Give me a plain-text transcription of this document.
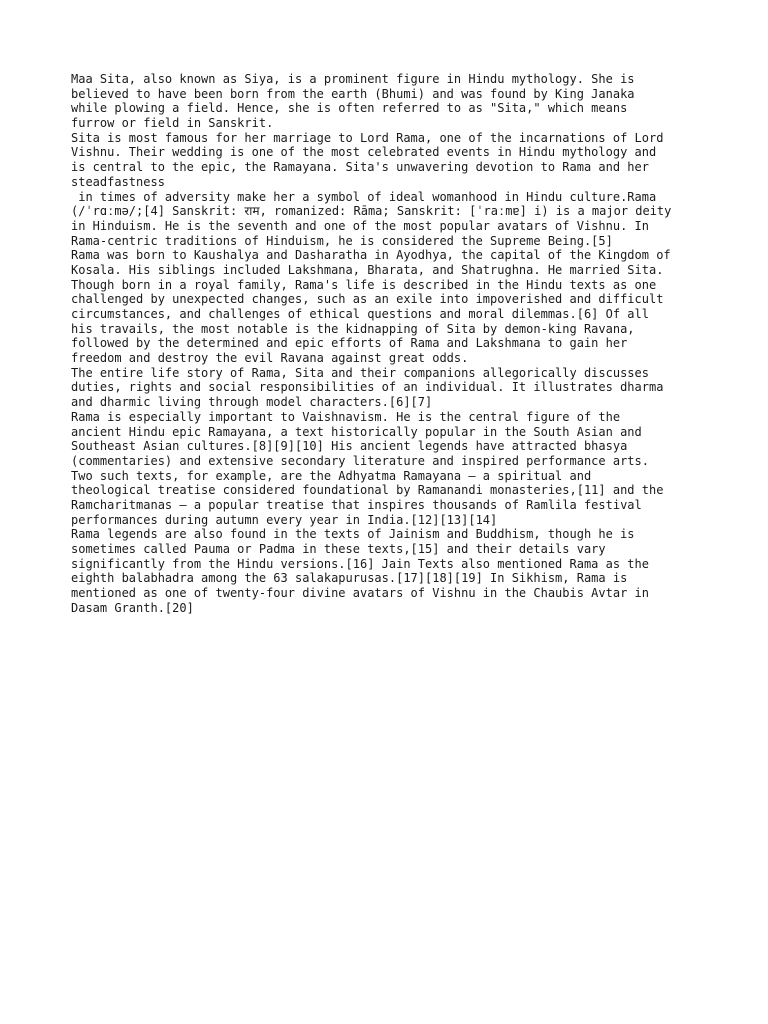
Maa Sita, also known as Siya, is a prominent figure in Hindu mythology. She is
believed to have been born from the earth (Bhumi) and was found by King Janaka
while plowing a field. Hence, she is often referred to as "Sita," which means
furrow or field in Sanskrit.
Sita is most famous for her marriage to Lord Rama, one of the incarnations of Lord
Vishnu. Their wedding is one of the most celebrated events in Hindu mythology and
is central to the epic, the Ramayana. Sita's unwavering devotion to Rama and her
steadfastness
in times of adversity make her a symbol of ideal womanhood in Hindu culture.Rama
(/ˈrɑːmə/;[4] Sanskrit: राम, romanized: Rāma; Sanskrit: [ˈraːmɐ] i) is a major deity
in Hinduism. He is the seventh and one of the most popular avatars of Vishnu. In
Rama-centric traditions of Hinduism, he is considered the Supreme Being.[5]
Rama was born to Kaushalya and Dasharatha in Ayodhya, the capital of the Kingdom of
Kosala. His siblings included Lakshmana, Bharata, and Shatrughna. He married Sita.
Though born in a royal family, Rama's life is described in the Hindu texts as one
challenged by unexpected changes, such as an exile into impoverished and difficult
circumstances, and challenges of ethical questions and moral dilemmas.[6] Of all
his travails, the most notable is the kidnapping of Sita by demon-king Ravana,
followed by the determined and epic efforts of Rama and Lakshmana to gain her
freedom and destroy the evil Ravana against great odds.
The entire life story of Rama, Sita and their companions allegorically discusses
duties, rights and social responsibilities of an individual. It illustrates dharma
and dharmic living through model characters.[6][7]
Rama is especially important to Vaishnavism. He is the central figure of the
ancient Hindu epic Ramayana, a text historically popular in the South Asian and
Southeast Asian cultures.[8][9][10] His ancient legends have attracted bhasya
(commentaries) and extensive secondary literature and inspired performance arts.
Two such texts, for example, are the Adhyatma Ramayana – a spiritual and
theological treatise considered foundational by Ramanandi monasteries,[11] and the
Ramcharitmanas – a popular treatise that inspires thousands of Ramlila festival
performances during autumn every year in India.[12][13][14]
Rama legends are also found in the texts of Jainism and Buddhism, though he is
sometimes called Pauma or Padma in these texts,[15] and their details vary
significantly from the Hindu versions.[16] Jain Texts also mentioned Rama as the
eighth balabhadra among the 63 salakapurusas.[17][18][19] In Sikhism, Rama is
mentioned as one of twenty-four divine avatars of Vishnu in the Chaubis Avtar in
Dasam Granth.[20]
